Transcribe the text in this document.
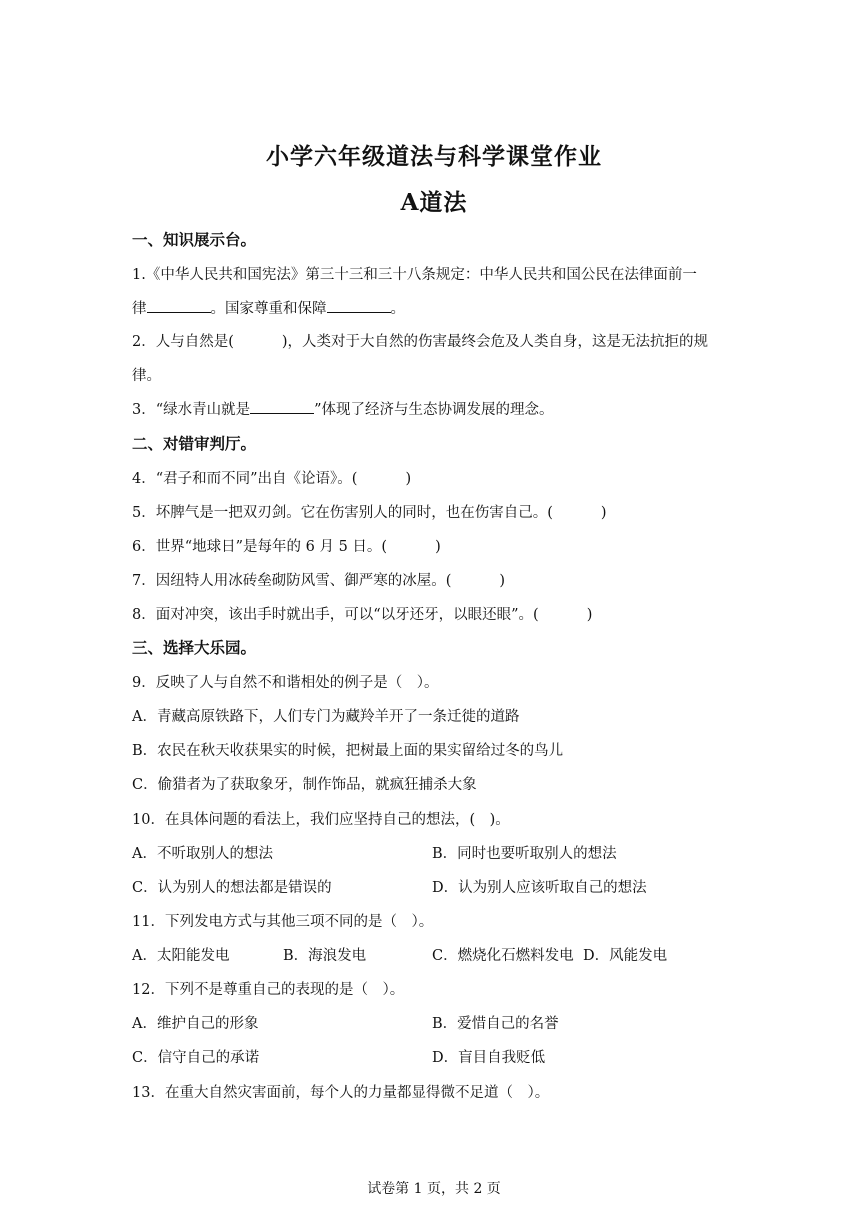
小学六年级道法与科学课堂作业
A道法
一、知识展示台。
1.《中华人民共和国宪法》第三十三和三十八条规定：中华人民共和国公民在法律面前一
律	。国家尊重和保障	。
2．人与自然是(	)，人类对于大自然的伤害最终会危及人类自身，这是无法抗拒的规
律。
3．“绿水青山就是	”体现了经济与生态协调发展的理念。
二、对错审判厅。
4．“君子和而不同”出自《论语》。(	)
5．坏脾气是一把双刃剑。它在伤害别人的同时，也在伤害自己。(	)
6．世界“地球日”是每年的 6 月 5 日。(	)
7．因纽特人用冰砖垒砌防风雪、御严寒的冰屋。(	)
8．面对冲突，该出手时就出手，可以“以牙还牙，以眼还眼”。(	)
三、选择大乐园。
9．反映了人与自然不和谐相处的例子是（　）。
A．青藏高原铁路下，人们专门为藏羚羊开了一条迁徙的道路
B．农民在秋天收获果实的时候，把树最上面的果实留给过冬的鸟儿
C．偷猎者为了获取象牙，制作饰品，就疯狂捕杀大象
10．在具体问题的看法上，我们应坚持自己的想法，(　)。
A．不听取别人的想法	B．同时也要听取别人的想法
C．认为别人的想法都是错误的	D．认为别人应该听取自己的想法
11．下列发电方式与其他三项不同的是（　）。
A．太阳能发电	B．海浪发电	C．燃烧化石燃料发电 D．风能发电
12．下列不是尊重自己的表现的是（　）。
A．维护自己的形象	B．爱惜自己的名誉
C．信守自己的承诺	D．盲目自我贬低
13．在重大自然灾害面前，每个人的力量都显得微不足道（　）。
试卷第 1 页，共 2 页
